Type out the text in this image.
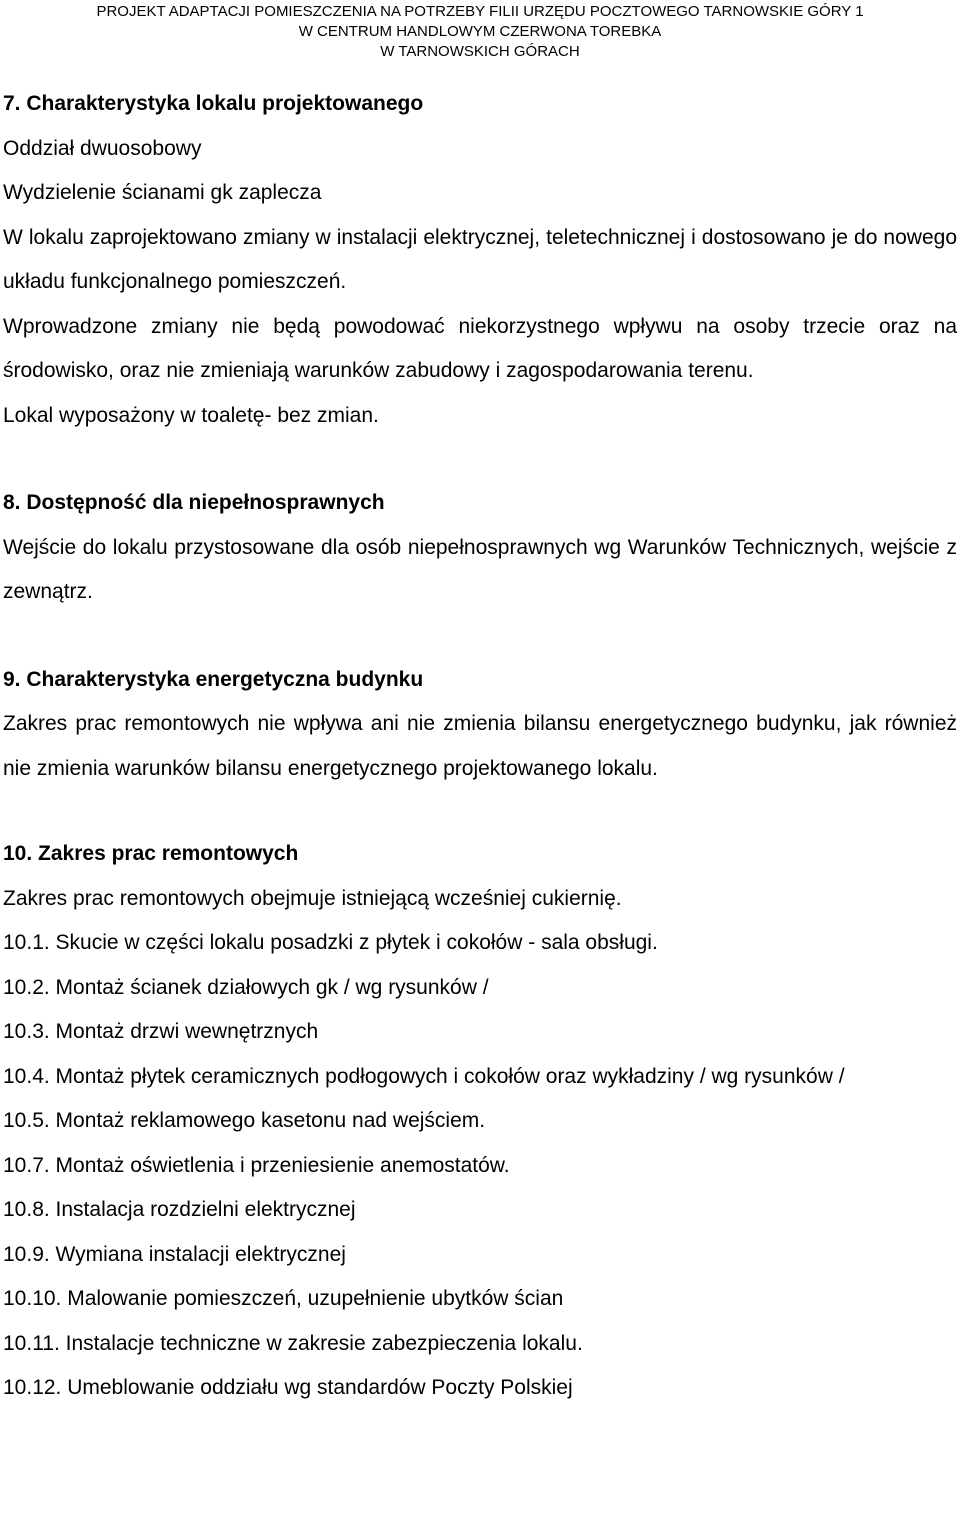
PROJEKT ADAPTACJI POMIESZCZENIA NA POTRZEBY FILII URZĘDU POCZTOWEGO TARNOWSKIE GÓRY 1
W CENTRUM HANDLOWYM CZERWONA TOREBKA
W TARNOWSKICH GÓRACH

7. Charakterystyka lokalu projektowanego

Oddział dwuosobowy

Wydzielenie ścianami gk zaplecza

W lokalu zaprojektowano zmiany w instalacji elektrycznej, teletechnicznej i dostosowano je do nowego układu funkcjonalnego pomieszczeń.

Wprowadzone zmiany nie będą powodować niekorzystnego wpływu na osoby trzecie oraz na środowisko, oraz nie zmieniają warunków zabudowy i zagospodarowania terenu.

Lokal wyposażony w toaletę- bez zmian.

8. Dostępność dla niepełnosprawnych

Wejście do lokalu przystosowane dla osób niepełnosprawnych wg Warunków Technicznych, wejście z zewnątrz.

9. Charakterystyka energetyczna budynku

Zakres prac remontowych nie wpływa ani nie zmienia bilansu energetycznego budynku, jak również nie zmienia warunków bilansu energetycznego projektowanego lokalu.

10. Zakres prac remontowych

Zakres prac remontowych obejmuje istniejącą wcześniej cukiernię.

10.1. Skucie w części lokalu posadzki z płytek i cokołów - sala obsługi.

10.2. Montaż ścianek działowych gk / wg rysunków /

10.3. Montaż drzwi wewnętrznych

10.4. Montaż płytek ceramicznych podłogowych i cokołów oraz wykładziny / wg rysunków /

10.5. Montaż reklamowego kasetonu nad wejściem.

10.7. Montaż oświetlenia i przeniesienie anemostatów.

10.8. Instalacja rozdzielni elektrycznej

10.9. Wymiana instalacji elektrycznej

10.10. Malowanie pomieszczeń, uzupełnienie ubytków ścian

10.11. Instalacje techniczne w zakresie zabezpieczenia lokalu.

10.12. Umeblowanie oddziału wg standardów Poczty Polskiej
